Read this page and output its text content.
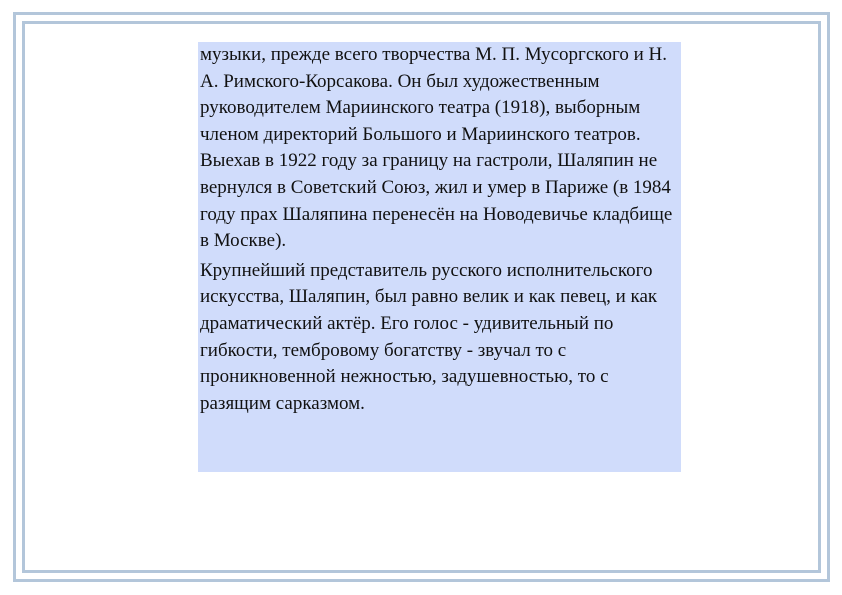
музыки, прежде всего творчества М. П. Мусоргского и Н. А. Римского-Корсакова. Он был художественным руководителем Мариинского театра (1918), выборным членом директорий Большого и Мариинского театров. Выехав в 1922 году за границу на гастроли, Шаляпин не вернулся в Советский Союз, жил и умер в Париже (в 1984 году прах Шаляпина перенесён на Новодевичье кладбище в Москве).

Крупнейший представитель русского исполнительского искусства, Шаляпин, был равно велик и как певец, и как драматический актёр. Его голос - удивительный по гибкости, тембровому богатству - звучал то с проникновенной нежностью, задушевностью, то с разящим сарказмом.
